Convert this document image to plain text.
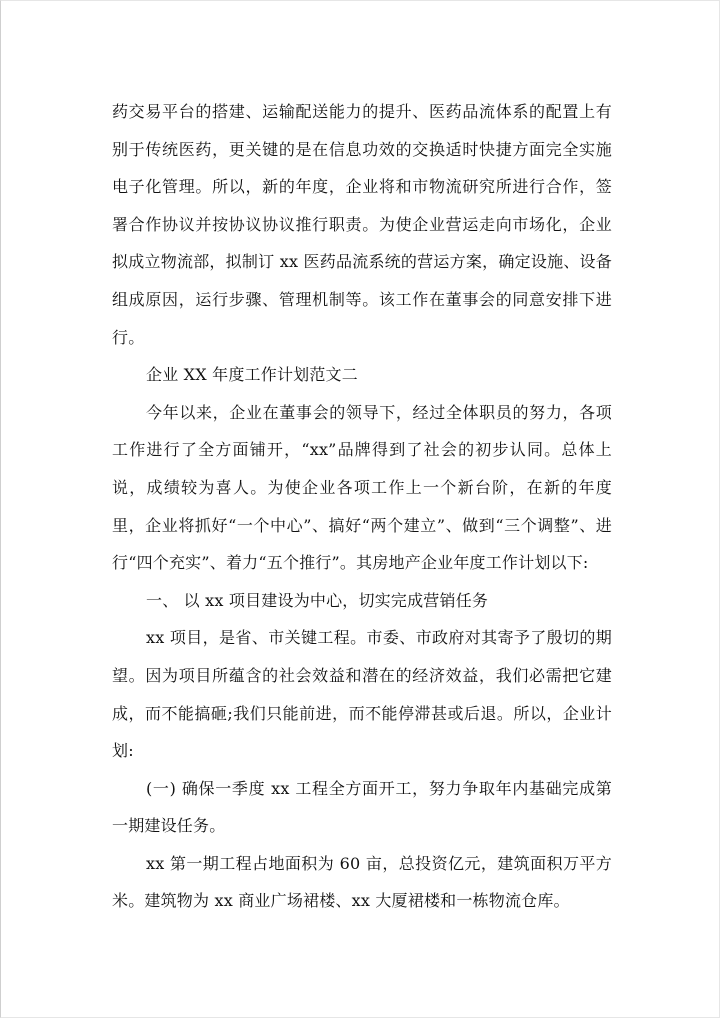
药交易平台的搭建、运输配送能力的提升、医药品流体系的配置上有别于传统医药，更关键的是在信息功效的交换适时快捷方面完全实施电子化管理。所以，新的年度，企业将和市物流研究所进行合作，签署合作协议并按协议协议推行职责。为使企业营运走向市场化，企业拟成立物流部，拟制订 xx 医药品流系统的营运方案，确定设施、设备组成原因，运行步骤、管理机制等。该工作在董事会的同意安排下进行。

企业 XX 年度工作计划范文二

今年以来，企业在董事会的领导下，经过全体职员的努力，各项工作进行了全方面铺开，“xx”品牌得到了社会的初步认同。总体上说，成绩较为喜人。为使企业各项工作上一个新台阶，在新的年度里，企业将抓好“一个中心”、搞好“两个建立”、做到“三个调整”、进行“四个充实”、着力“五个推行”。其房地产企业年度工作计划以下:

一、 以 xx 项目建设为中心，切实完成营销任务

xx 项目，是省、市关键工程。市委、市政府对其寄予了殷切的期望。因为项目所蕴含的社会效益和潜在的经济效益，我们必需把它建成，而不能搞砸;我们只能前进，而不能停滞甚或后退。所以，企业计划:

(一) 确保一季度 xx 工程全方面开工，努力争取年内基础完成第一期建设任务。

xx 第一期工程占地面积为 60 亩，总投资亿元，建筑面积万平方米。建筑物为 xx 商业广场裙楼、xx 大厦裙楼和一栋物流仓库。
